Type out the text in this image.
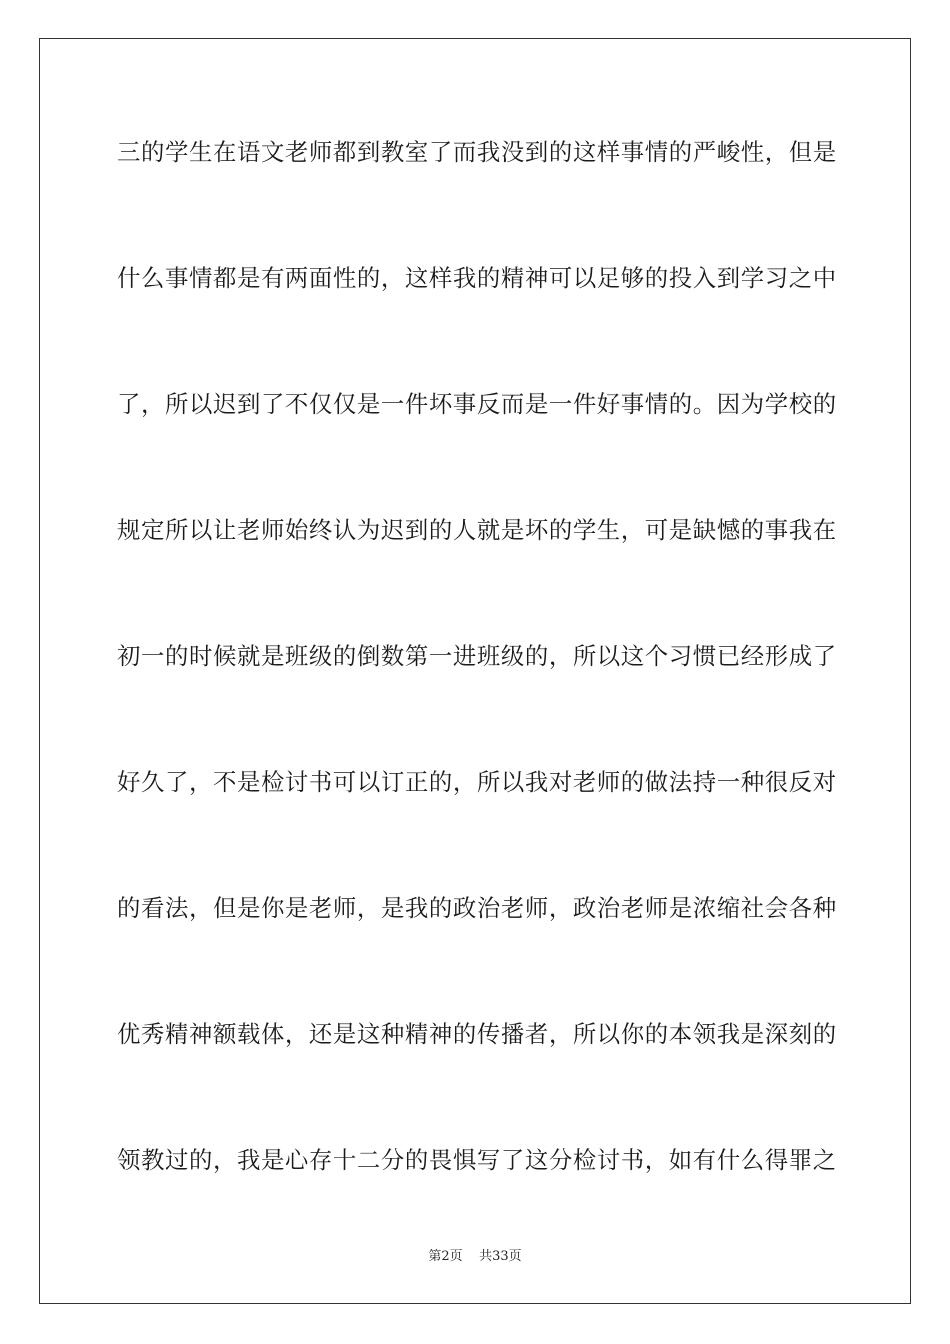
三的学生在语文老师都到教室了而我没到的这样事情的严峻性，但是
什么事情都是有两面性的，这样我的精神可以足够的投入到学习之中
了，所以迟到了不仅仅是一件坏事反而是一件好事情的。因为学校的
规定所以让老师始终认为迟到的人就是坏的学生，可是缺憾的事我在
初一的时候就是班级的倒数第一进班级的，所以这个习惯已经形成了
好久了，不是检讨书可以订正的，所以我对老师的做法持一种很反对
的看法，但是你是老师，是我的政治老师，政治老师是浓缩社会各种
优秀精神额载体，还是这种精神的传播者，所以你的本领我是深刻的
领教过的，我是心存十二分的畏惧写了这分检讨书，如有什么得罪之
第2页 共33页
